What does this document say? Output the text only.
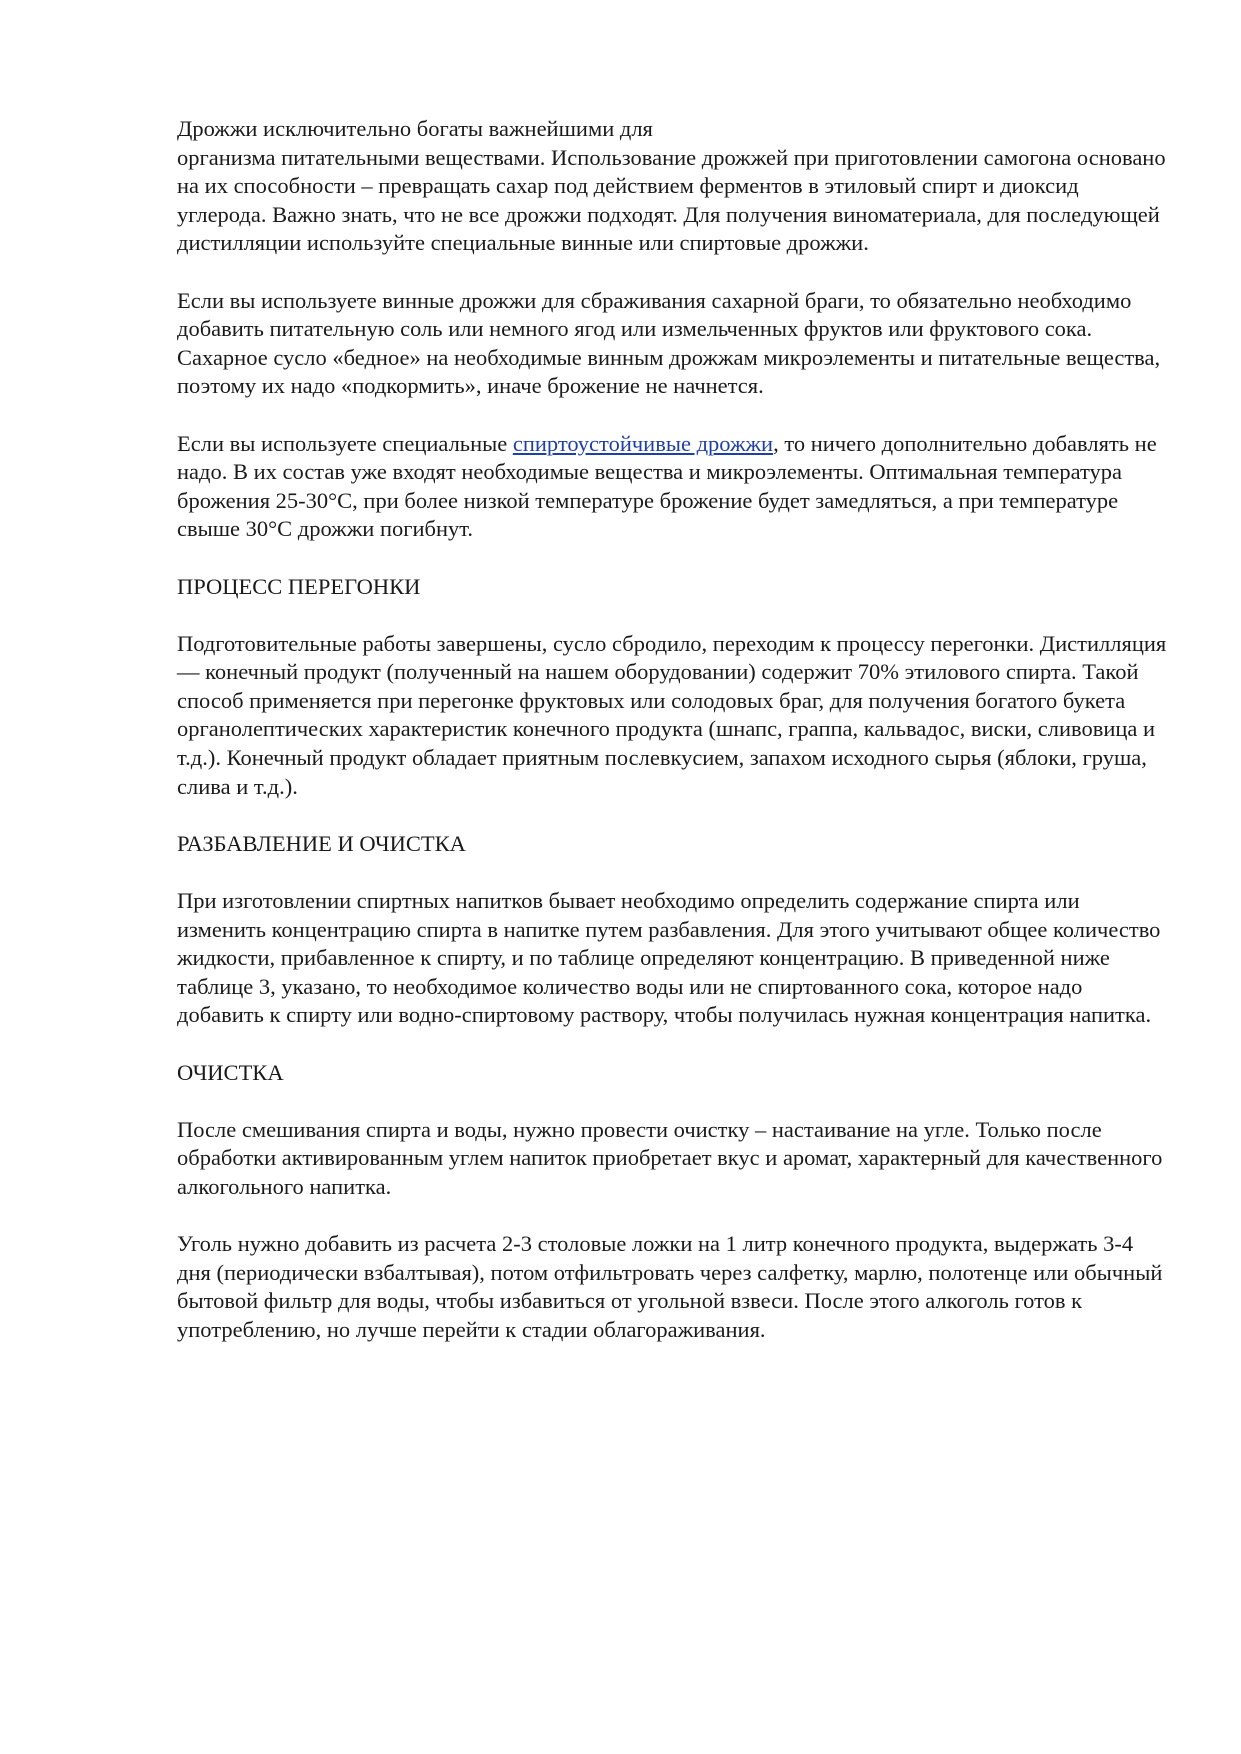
Дрожжи исключительно богаты важнейшими для
организма питательными веществами. Использование дрожжей при приготовлении самогона основано на их способности – превращать сахар под действием ферментов в этиловый спирт и диоксид углерода. Важно знать, что не все дрожжи подходят. Для получения виноматериала, для последующей дистилляции используйте специальные винные или спиртовые дрожжи.

Если вы используете винные дрожжи для сбраживания сахарной браги, то обязательно необходимо добавить питательную соль или немного ягод или измельченных фруктов или фруктового сока. Сахарное сусло «бедное» на необходимые винным дрожжам микроэлементы и питательные вещества, поэтому их надо «подкормить», иначе брожение не начнется.

Если вы используете специальные спиртоустойчивые дрожжи, то ничего дополнительно добавлять не надо. В их состав уже входят необходимые вещества и микроэлементы. Оптимальная температура брожения 25-30°С, при более низкой температуре брожение будет замедляться, а при температуре свыше 30°С дрожжи погибнут.

ПРОЦЕСС ПЕРЕГОНКИ

Подготовительные работы завершены, сусло сбродило, переходим к процессу перегонки. Дистилляция — конечный продукт (полученный на нашем оборудовании) содержит 70% этилового спирта. Такой способ применяется при перегонке фруктовых или солодовых браг, для получения богатого букета органолептических характеристик конечного продукта (шнапс, граппа, кальвадос, виски, сливовица и т.д.). Конечный продукт обладает приятным послевкусием, запахом исходного сырья (яблоки, груша, слива и т.д.).

РАЗБАВЛЕНИЕ И ОЧИСТКА

При изготовлении спиртных напитков бывает необходимо определить содержание спирта или изменить концентрацию спирта в напитке путем разбавления. Для этого учитывают общее количество жидкости, прибавленное к спирту, и по таблице определяют концентрацию. В приведенной ниже таблице 3, указано, то необходимое количество воды или не спиртованного сока, которое надо добавить к спирту или водно-спиртовому раствору, чтобы получилась нужная концентрация напитка.

ОЧИСТКА

После смешивания спирта и воды, нужно провести очистку – настаивание на угле. Только после обработки активированным углем напиток приобретает вкус и аромат, характерный для качественного алкогольного напитка.

Уголь нужно добавить из расчета 2-3 столовые ложки на 1 литр конечного продукта, выдержать 3-4 дня (периодически взбалтывая), потом отфильтровать через салфетку, марлю, полотенце или обычный бытовой фильтр для воды, чтобы избавиться от угольной взвеси. После этого алкоголь готов к употреблению, но лучше перейти к стадии облагораживания.
